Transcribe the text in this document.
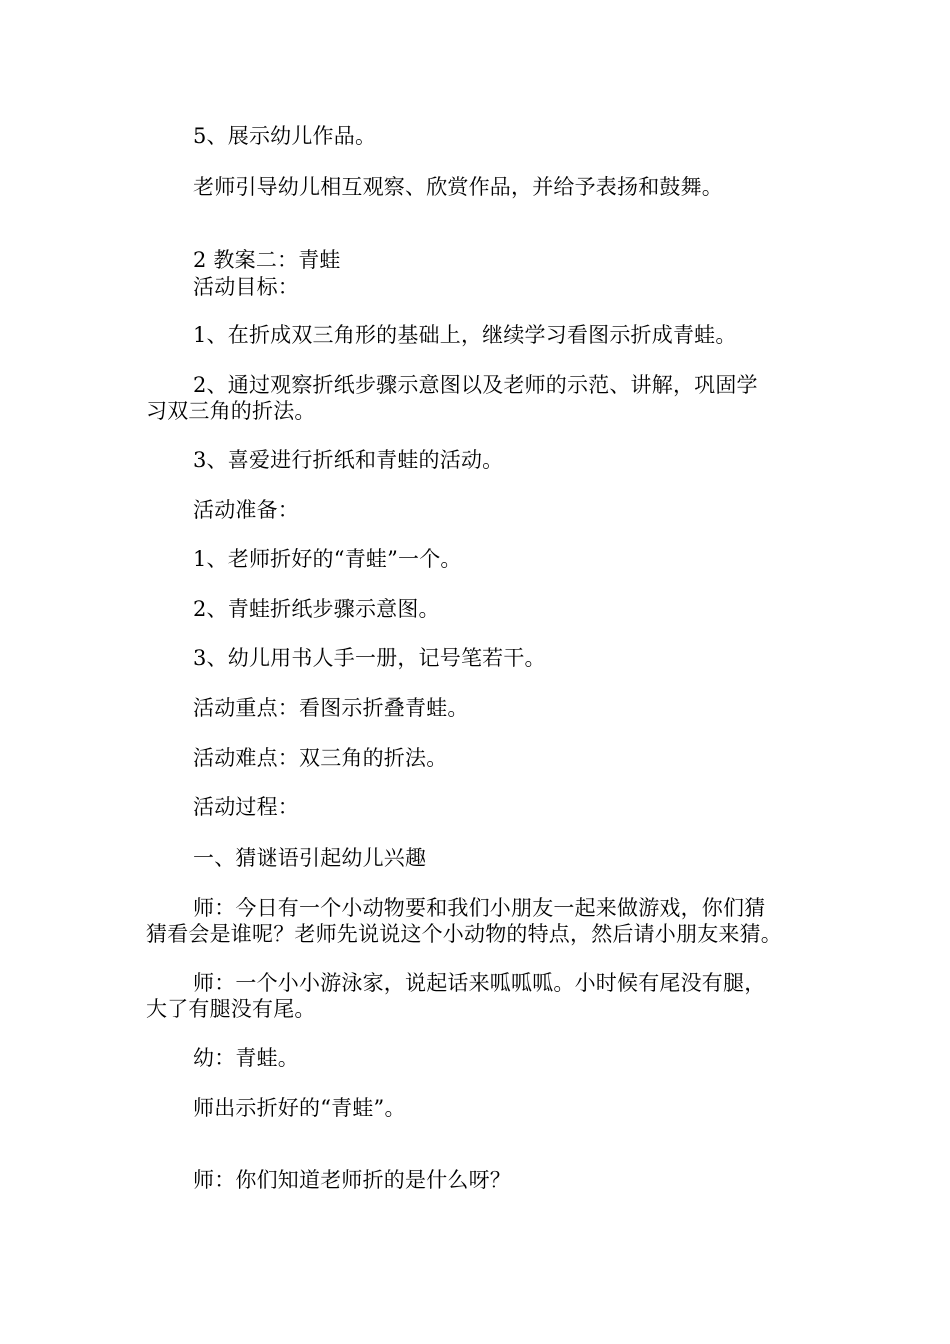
5、展示幼儿作品。
老师引导幼儿相互观察、欣赏作品，并给予表扬和鼓舞。
2 教案二：青蛙
活动目标：
1、在折成双三角形的基础上，继续学习看图示折成青蛙。
2、通过观察折纸步骤示意图以及老师的示范、讲解，巩固学
习双三角的折法。
3、喜爱进行折纸和青蛙的活动。
活动准备：
1、老师折好的“青蛙”一个。
2、青蛙折纸步骤示意图。
3、幼儿用书人手一册，记号笔若干。
活动重点：看图示折叠青蛙。
活动难点：双三角的折法。
活动过程：
一、猜谜语引起幼儿兴趣
师：今日有一个小动物要和我们小朋友一起来做游戏，你们猜
猜看会是谁呢？老师先说说这个小动物的特点，然后请小朋友来猜。
师：一个小小游泳家，说起话来呱呱呱。小时候有尾没有腿，
大了有腿没有尾。
幼：青蛙。
师出示折好的“青蛙”。
师：你们知道老师折的是什么呀？
